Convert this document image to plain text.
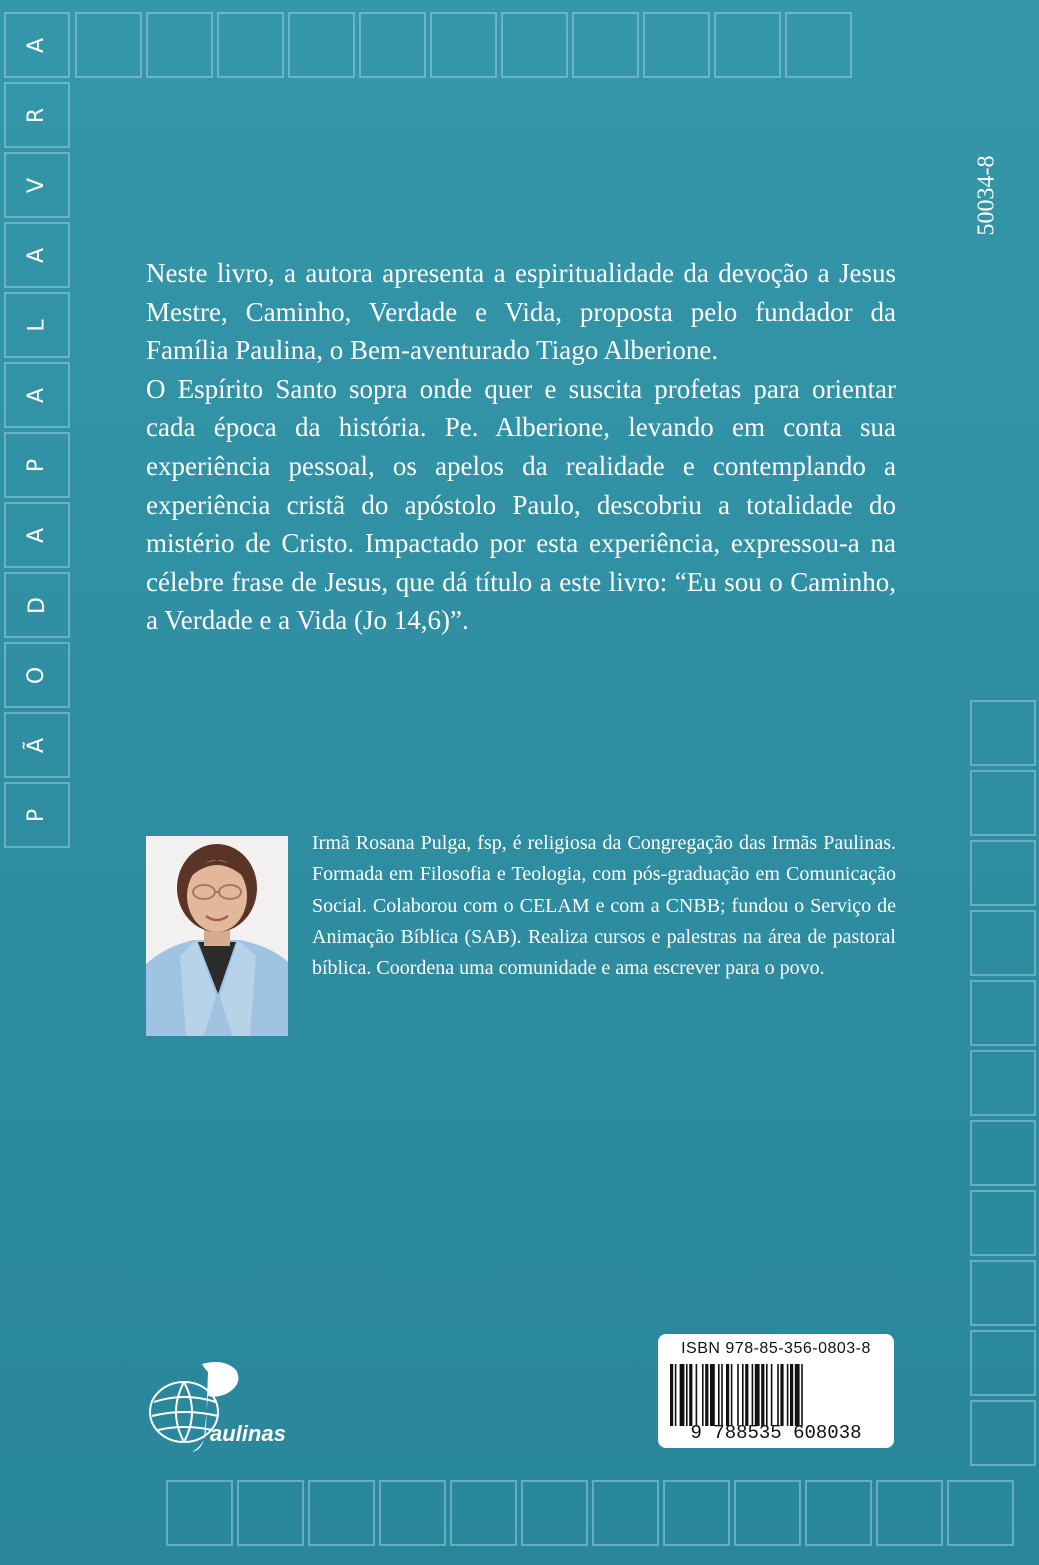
A
R
V
A
L
A
P
A
D
O
Ã
P
50034-8

Neste livro, a autora apresenta a espiritualidade da devoção a Jesus Mestre, Caminho, Verdade e Vida, proposta pelo fundador da Família Paulina, o Bem-aventurado Tiago Alberione.

O Espírito Santo sopra onde quer e suscita profetas para orientar cada época da história. Pe. Alberione, levando em conta sua experiência pessoal, os apelos da realidade e contemplando a experiência cristã do apóstolo Paulo, descobriu a totalidade do mistério de Cristo. Impactado por esta experiência, expressou-a na célebre frase de Jesus, que dá título a este livro: “Eu sou o Caminho, a Verdade e a Vida (Jo 14,6)”.

Irmã Rosana Pulga, fsp, é religiosa da Congregação das Irmãs Paulinas. Formada em Filosofia e Teologia, com pós-graduação em Comunicação Social. Colaborou com o CELAM e com a CNBB; fundou o Serviço de Animação Bíblica (SAB). Realiza cursos e palestras na área de pastoral bíblica. Coordena uma comunidade e ama escrever para o povo.

ISBN 978-85-356-0803-8

9 788535 608038
aulinas
